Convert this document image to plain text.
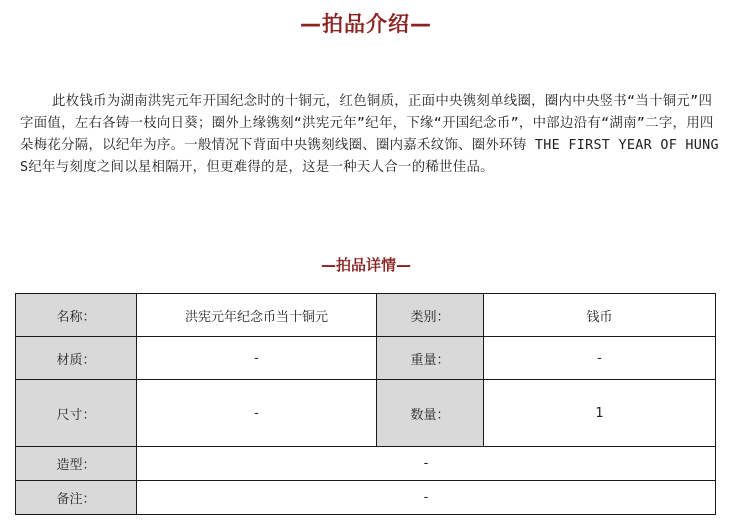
—拍品介绍—

此枚钱币为湖南洪宪元年开国纪念时的十铜元，红色铜质，正面中央镌刻单线圈，圈内中央竖书“当十铜元”四字面值，左右各铸一枝向日葵；圈外上缘镌刻“洪宪元年”纪年，下缘“开国纪念币”，中部边沿有“湖南”二字，用四朵梅花分隔，以纪年为序。一般情况下背面中央镌刻线圈、圈内嘉禾纹饰、圈外环铸 THE FIRST YEAR OF HUNG S纪年与刻度之间以星相隔开，但更难得的是，这是一种天人合一的稀世佳品。

—拍品详情—
名称：	洪宪元年纪念币当十铜元	类别：	钱币
材质：	-	重量：	-
尺寸：	-	数量：	1
造型：	-		
备注：	-		
